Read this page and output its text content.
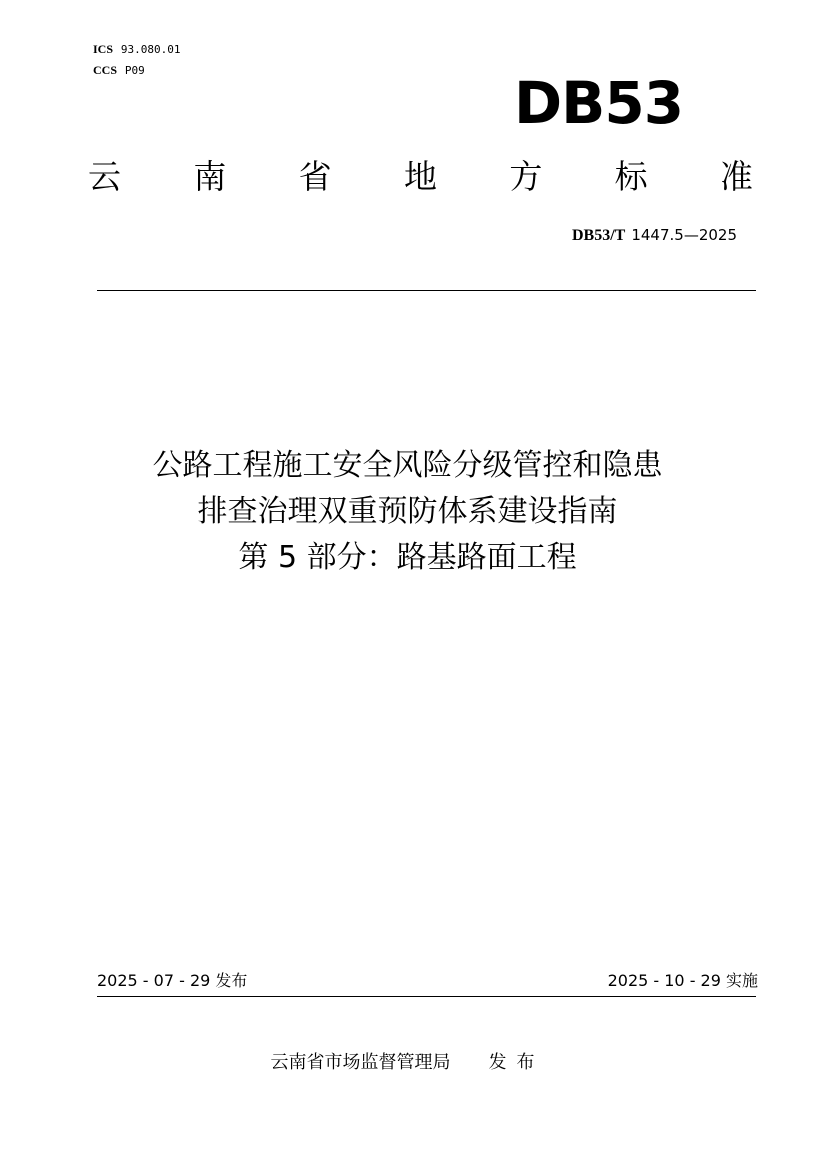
ICS 93.080.01
CCS P09	DB53
云 南 省 地 方 标 准
DB53/T 1447.5—2025
公路工程施工安全风险分级管控和隐患
排查治理双重预防体系建设指南
第 5 部分：路基路面工程
2025 - 07 - 29 发布	2025 - 10 - 29 实施
云南省市场监督管理局 发布
